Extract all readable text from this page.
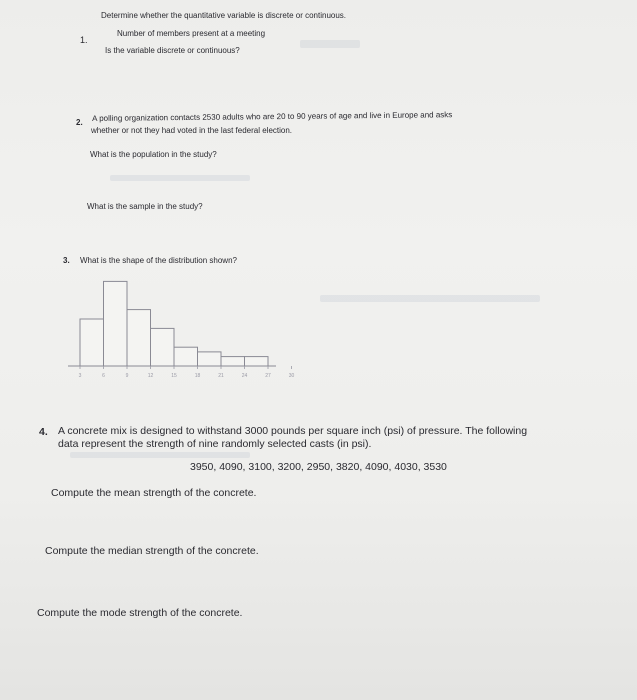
Determine whether the quantitative variable is discrete or continuous.
1.
Number of members present at a meeting
Is the variable discrete or continuous?
2. A polling organization contacts 2530 adults who are 20 to 90 years of age and live in Europe and asks
whether or not they had voted in the last federal election.
What is the population in the study?
What is the sample in the study?
3. What is the shape of the distribution shown?
3	6	9	12	15	18	21	24	27	30
4. A concrete mix is designed to withstand 3000 pounds per square inch (psi) of pressure. The following
data represent the strength of nine randomly selected casts (in psi).
3950, 4090, 3100, 3200, 2950, 3820, 4090, 4030, 3530
Compute the mean strength of the concrete.
Compute the median strength of the concrete.
Compute the mode strength of the concrete.
